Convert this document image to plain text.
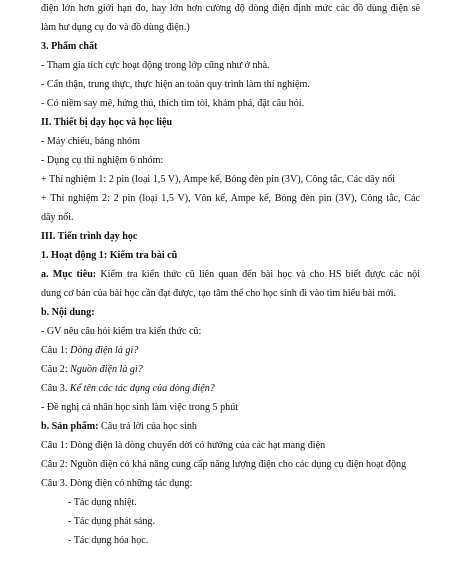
điện lớn hơn giới hạn đo, hay lớn hơn cường độ dòng điện định mức các đồ dùng điện sẽ
làm hư dụng cụ đo và đồ dùng điện.)
3. Phẩm chất
- Tham gia tích cực hoạt động trong lớp cũng như ở nhà.
- Cẩn thận, trung thực, thực hiện an toàn quy trình làm thí nghiệm.
- Có niềm say mê, hứng thú, thích tìm tòi, khám phá, đặt câu hỏi.
II. Thiết bị dạy học và học liệu
- Máy chiếu, bảng nhóm
- Dụng cụ thí nghiệm 6 nhóm:
+ Thí nghiệm 1: 2 pin (loại 1,5 V), Ampe kế, Bóng đèn pin (3V), Công tắc, Các dây nối
+ Thí nghiệm 2: 2 pin (loại 1,5 V), Vôn kế, Ampe kế, Bóng đèn pin (3V), Công tắc, Các
dây nối.
III. Tiến trình dạy học
1. Hoạt động 1: Kiểm tra bài cũ
a. Mục tiêu: Kiểm tra kiến thức cũ liên quan đến bài học và cho HS biết được các nội
dung cơ bản của bài học cần đạt được, tạo tâm thế cho học sinh đi vào tìm hiểu bài mới.
b. Nội dung:
- GV nêu câu hỏi kiểm tra kiến thức cũ:
Câu 1: Dòng điện là gì?
Câu 2: Nguồn điện là gì?
Câu 3. Kể tên các tác dụng của dòng điện?
- Đề nghị cá nhân học sinh làm việc trong 5 phút
b. Sản phẩm: Câu trả lời của học sinh
Câu 1: Dòng điện là dòng chuyển dời có hướng của các hạt mang điện
Câu 2: Nguồn điện có khả năng cung cấp năng lượng điện cho các dụng cụ điện hoạt động
Câu 3. Dòng điện có những tác dụng:
- Tác dụng nhiệt.
- Tác dụng phát sáng.
- Tác dụng hóa học.
